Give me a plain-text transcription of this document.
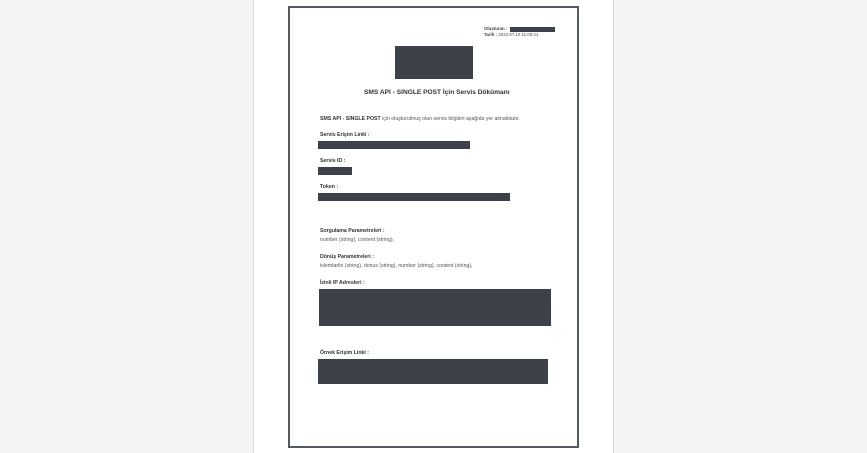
Oluşturan :
Tarih : 2024.07.10 11:00:41
SMS API - SINGLE POST İçin Servis Dökümanı
SMS API - SINGLE POST için oluşturulmuş olan servis bilgileri aşağıda yer almaktadır.
Servis Erişim Linki :
Servis ID :
Token :
Sorgulama Parametreleri :
number (string), content (string),
Dönüş Parametreleri :
islemtarihi (string), donus (string), number (string), content (string),
İzinli IP Adresleri :
Örnek Erişim Linki :
